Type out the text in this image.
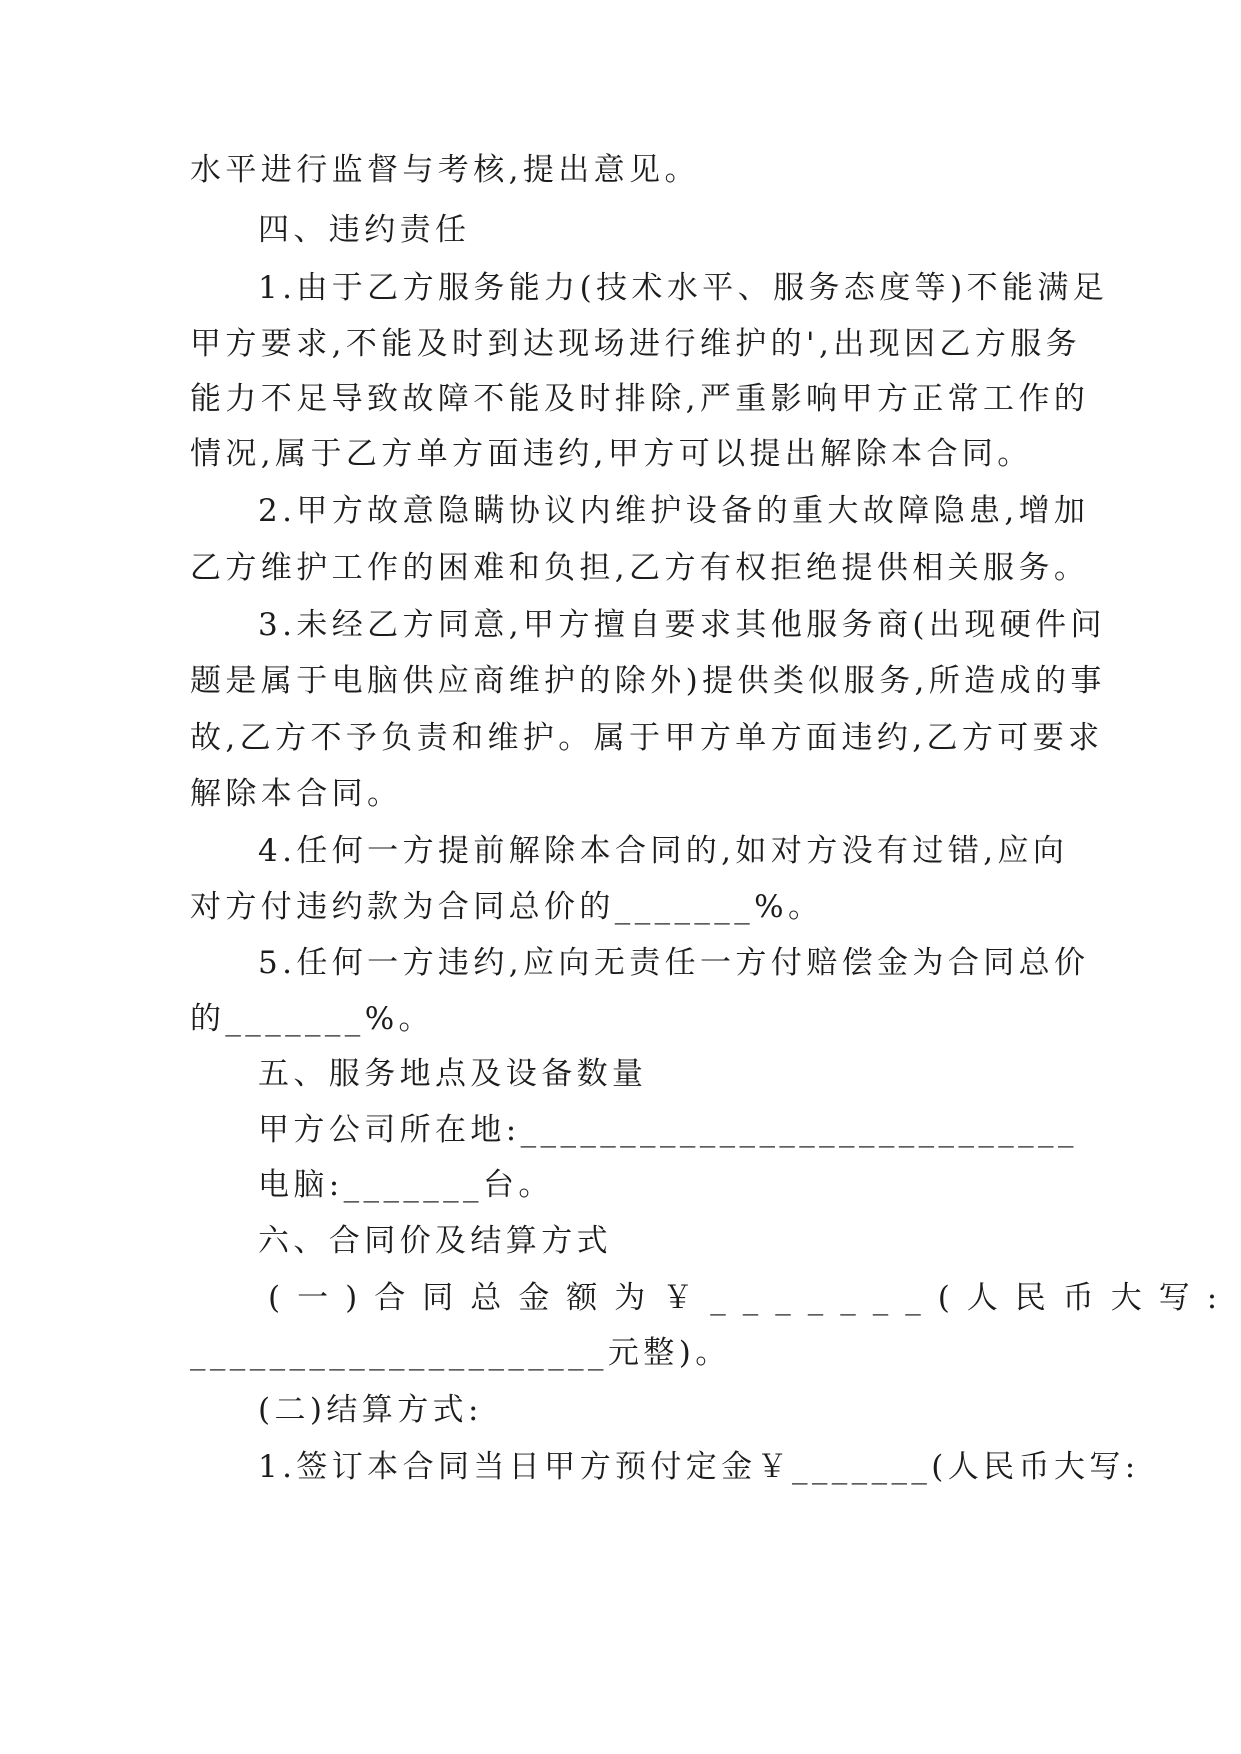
水平进行监督与考核,提出意见。
四、违约责任
1.由于乙方服务能力(技术水平、服务态度等)不能满足
甲方要求,不能及时到达现场进行维护的',出现因乙方服务
能力不足导致故障不能及时排除,严重影响甲方正常工作的
情况,属于乙方单方面违约,甲方可以提出解除本合同。
2.甲方故意隐瞒协议内维护设备的重大故障隐患,增加
乙方维护工作的困难和负担,乙方有权拒绝提供相关服务。
3.未经乙方同意,甲方擅自要求其他服务商(出现硬件问
题是属于电脑供应商维护的除外)提供类似服务,所造成的事
故,乙方不予负责和维护。属于甲方单方面违约,乙方可要求
解除本合同。
4.任何一方提前解除本合同的,如对方没有过错,应向
对方付违约款为合同总价的_______%。
5.任何一方违约,应向无责任一方付赔偿金为合同总价
的_______%。
五、服务地点及设备数量
甲方公司所在地:____________________________
电脑:_______台。
六、合同价及结算方式
(一)合同总金额为￥_______(人民币大写:
_____________________元整)。
(二)结算方式:
1.签订本合同当日甲方预付定金￥_______(人民币大写:
